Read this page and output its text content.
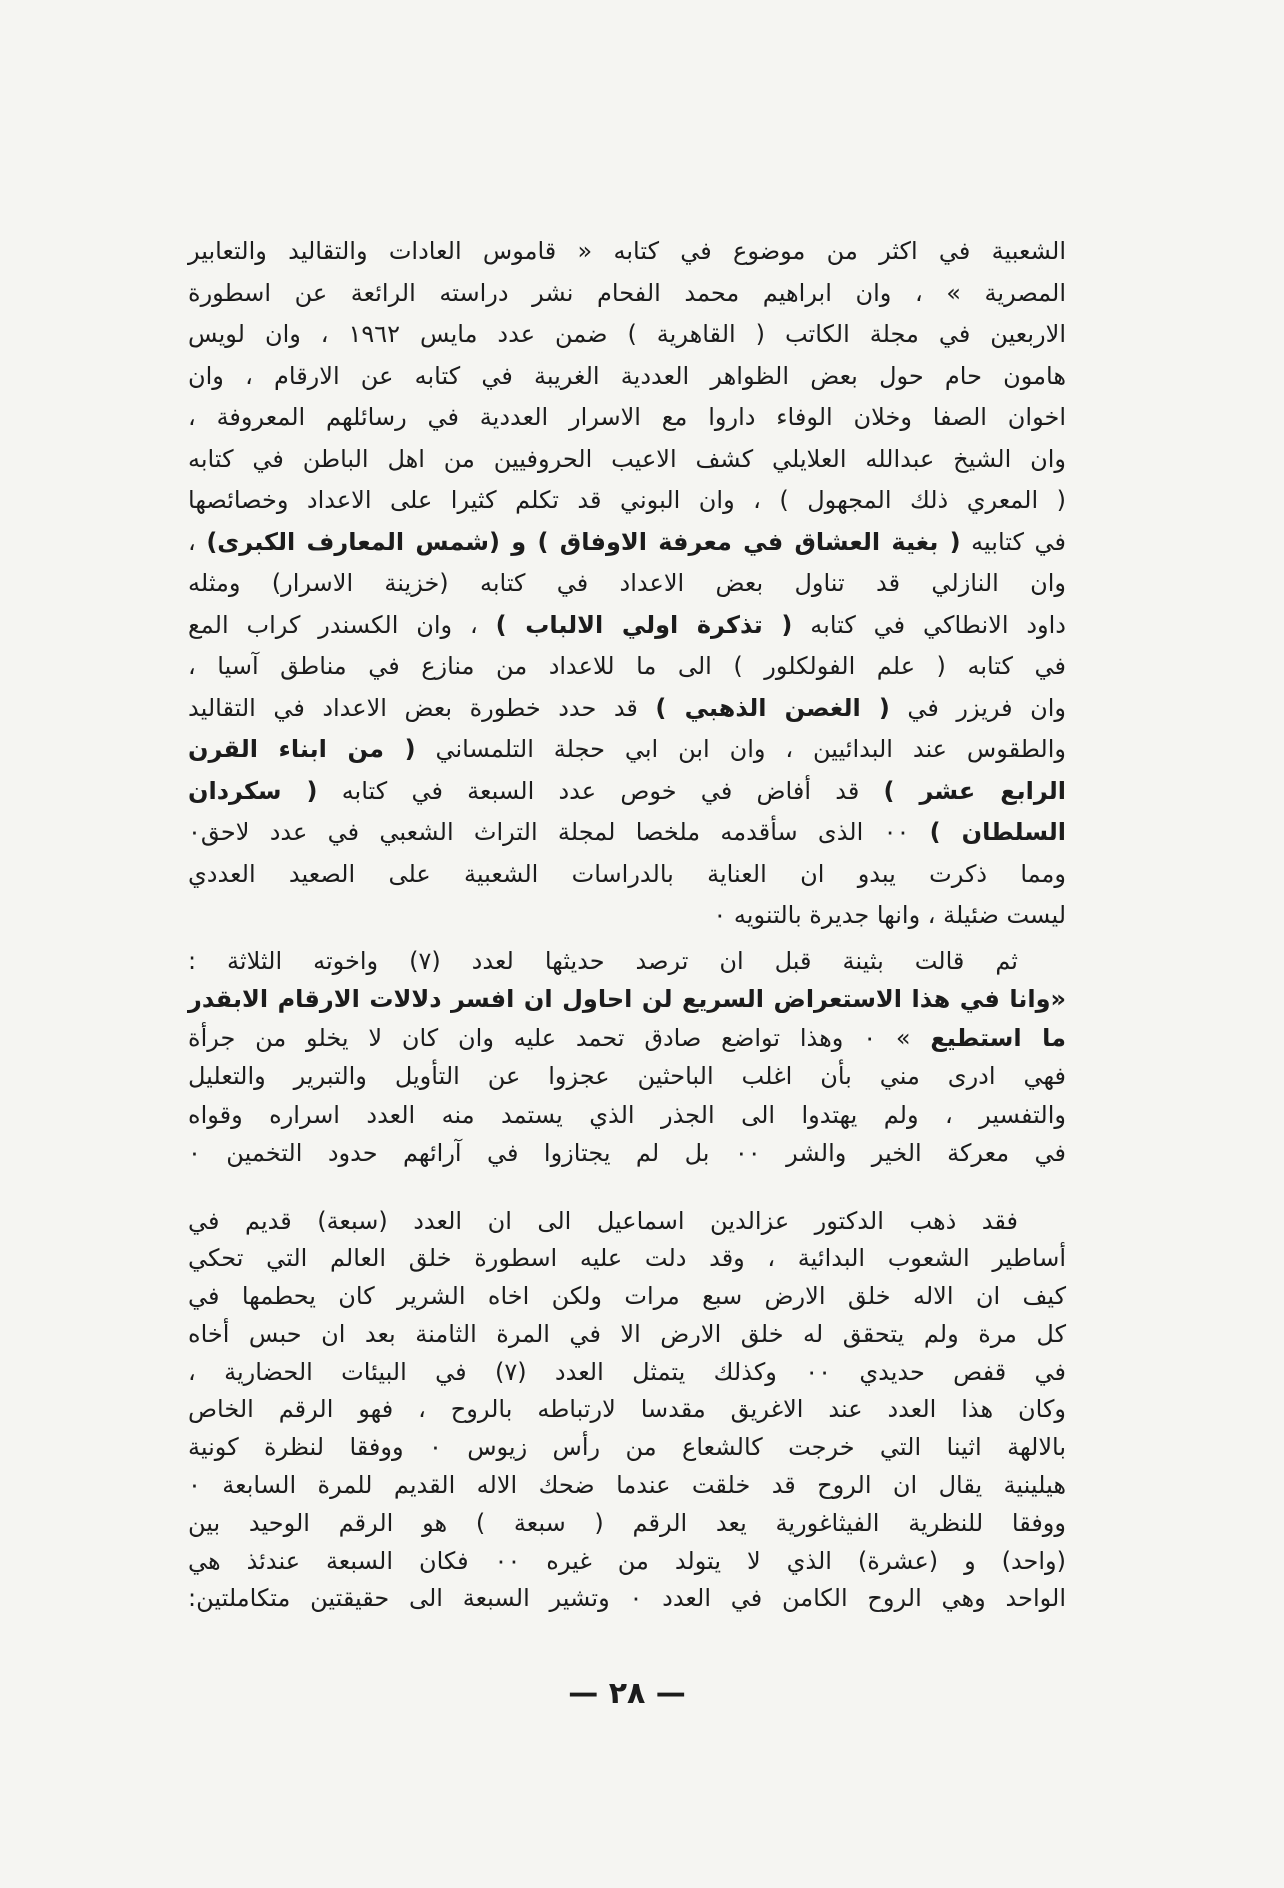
الشعبية في اكثر من موضوع في كتابه « قاموس العادات والتقاليد والتعابير
المصرية » ، وان ابراهيم محمد الفحام نشر دراسته الرائعة عن اسطورة
الاربعين في مجلة الكاتب ( القاهرية ) ضمن عدد مايس ١٩٦٢ ، وان لويس
هامون حام حول بعض الظواهر العددية الغريبة في كتابه عن الارقام ، وان
اخوان الصفا وخلان الوفاء داروا مع الاسرار العددية في رسائلهم المعروفة ،
وان الشيخ عبدالله العلايلي كشف الاعيب الحروفيين من اهل الباطن في كتابه
( المعري ذلك المجهول ) ، وان البوني قد تكلم كثيرا على الاعداد وخصائصها
في كتابيه ( بغية العشاق في معرفة الاوفاق ) و (شمس المعارف الكبرى) ،
وان النازلي قد تناول بعض الاعداد في كتابه (خزينة الاسرار) ومثله
داود الانطاكي في كتابه ( تذكرة اولي الالباب ) ، وان الكسندر كراب المع
في كتابه ( علم الفولكلور ) الى ما للاعداد من منازع في مناطق آسيا ،
وان فريزر في ( الغصن الذهبي ) قد حدد خطورة بعض الاعداد في التقاليد
والطقوس عند البدائيين ، وان ابن ابي حجلة التلمساني ( من ابناء القرن
الرابع عشر ) قد أفاض في خوص عدد السبعة في كتابه ( سكردان
السلطان ) ٠٠ الذى سأقدمه ملخصا لمجلة التراث الشعبي في عدد لاحق٠
ومما ذكرت يبدو ان العناية بالدراسات الشعبية على الصعيد العددي
ليست ضئيلة ، وانها جديرة بالتنويه ٠
ثم قالت بثينة قبل ان ترصد حديثها لعدد (٧) واخوته الثلاثة :
«وانا في هذا الاستعراض السريع لن احاول ان افسر دلالات الارقام الابقدر
ما استطيع » ٠ وهذا تواضع صادق تحمد عليه وان كان لا يخلو من جرأة
فهي ادرى مني بأن اغلب الباحثين عجزوا عن التأويل والتبرير والتعليل
والتفسير ، ولم يهتدوا الى الجذر الذي يستمد منه العدد اسراره وقواه
في معركة الخير والشر ٠٠ بل لم يجتازوا في آرائهم حدود التخمين ٠
فقد ذهب الدكتور عزالدين اسماعيل الى ان العدد (سبعة) قديم في
أساطير الشعوب البدائية ، وقد دلت عليه اسطورة خلق العالم التي تحكي
كيف ان الاله خلق الارض سبع مرات ولكن اخاه الشرير كان يحطمها في
كل مرة ولم يتحقق له خلق الارض الا في المرة الثامنة بعد ان حبس أخاه
في قفص حديدي ٠٠ وكذلك يتمثل العدد (٧) في البيئات الحضارية ،
وكان هذا العدد عند الاغريق مقدسا لارتباطه بالروح ، فهو الرقم الخاص
بالالهة اثينا التي خرجت كالشعاع من رأس زيوس ٠ ووفقا لنظرة كونية
هيلينية يقال ان الروح قد خلقت عندما ضحك الاله القديم للمرة السابعة ٠
ووفقا للنظرية الفيثاغورية يعد الرقم ( سبعة ) هو الرقم الوحيد بين
(واحد) و (عشرة) الذي لا يتولد من غيره ٠٠ فكان السبعة عندئذ هي
الواحد وهي الروح الكامن في العدد ٠ وتشير السبعة الى حقيقتين متكاملتين:
— ٢٨ —
